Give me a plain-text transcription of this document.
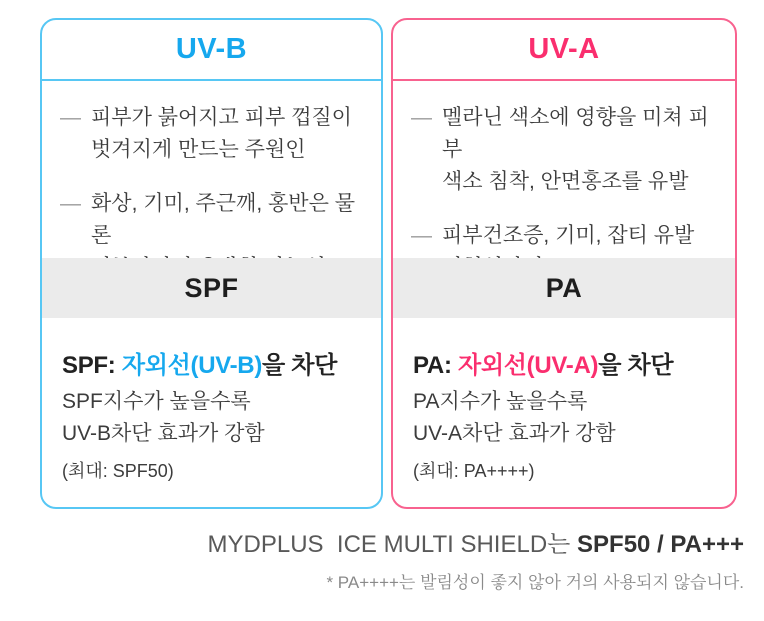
UV-B
— 피부가 붉어지고 피부 껍질이
벗겨지게 만드는 주원인
— 화상, 기미, 주근깨, 홍반은 물론

SPF
SPF: 자외선(UV-B)을 차단
SPF지수가 높을수록
UV-B차단 효과가 강함
(최대: SPF50)
UV-A
— 멜라닌 색소에 영향을 미쳐 피부
색소 침착, 안면홍조를 유발
— 피부건조증, 기미, 잡티 유발

PA
PA: 자외선(UV-A)을 차단
PA지수가 높을수록
UV-A차단 효과가 강함
(최대: PA++++)
MYDPLUS  ICE MULTI SHIELD는 SPF50 / PA+++
* PA++++는 발림성이 좋지 않아 거의 사용되지 않습니다.
